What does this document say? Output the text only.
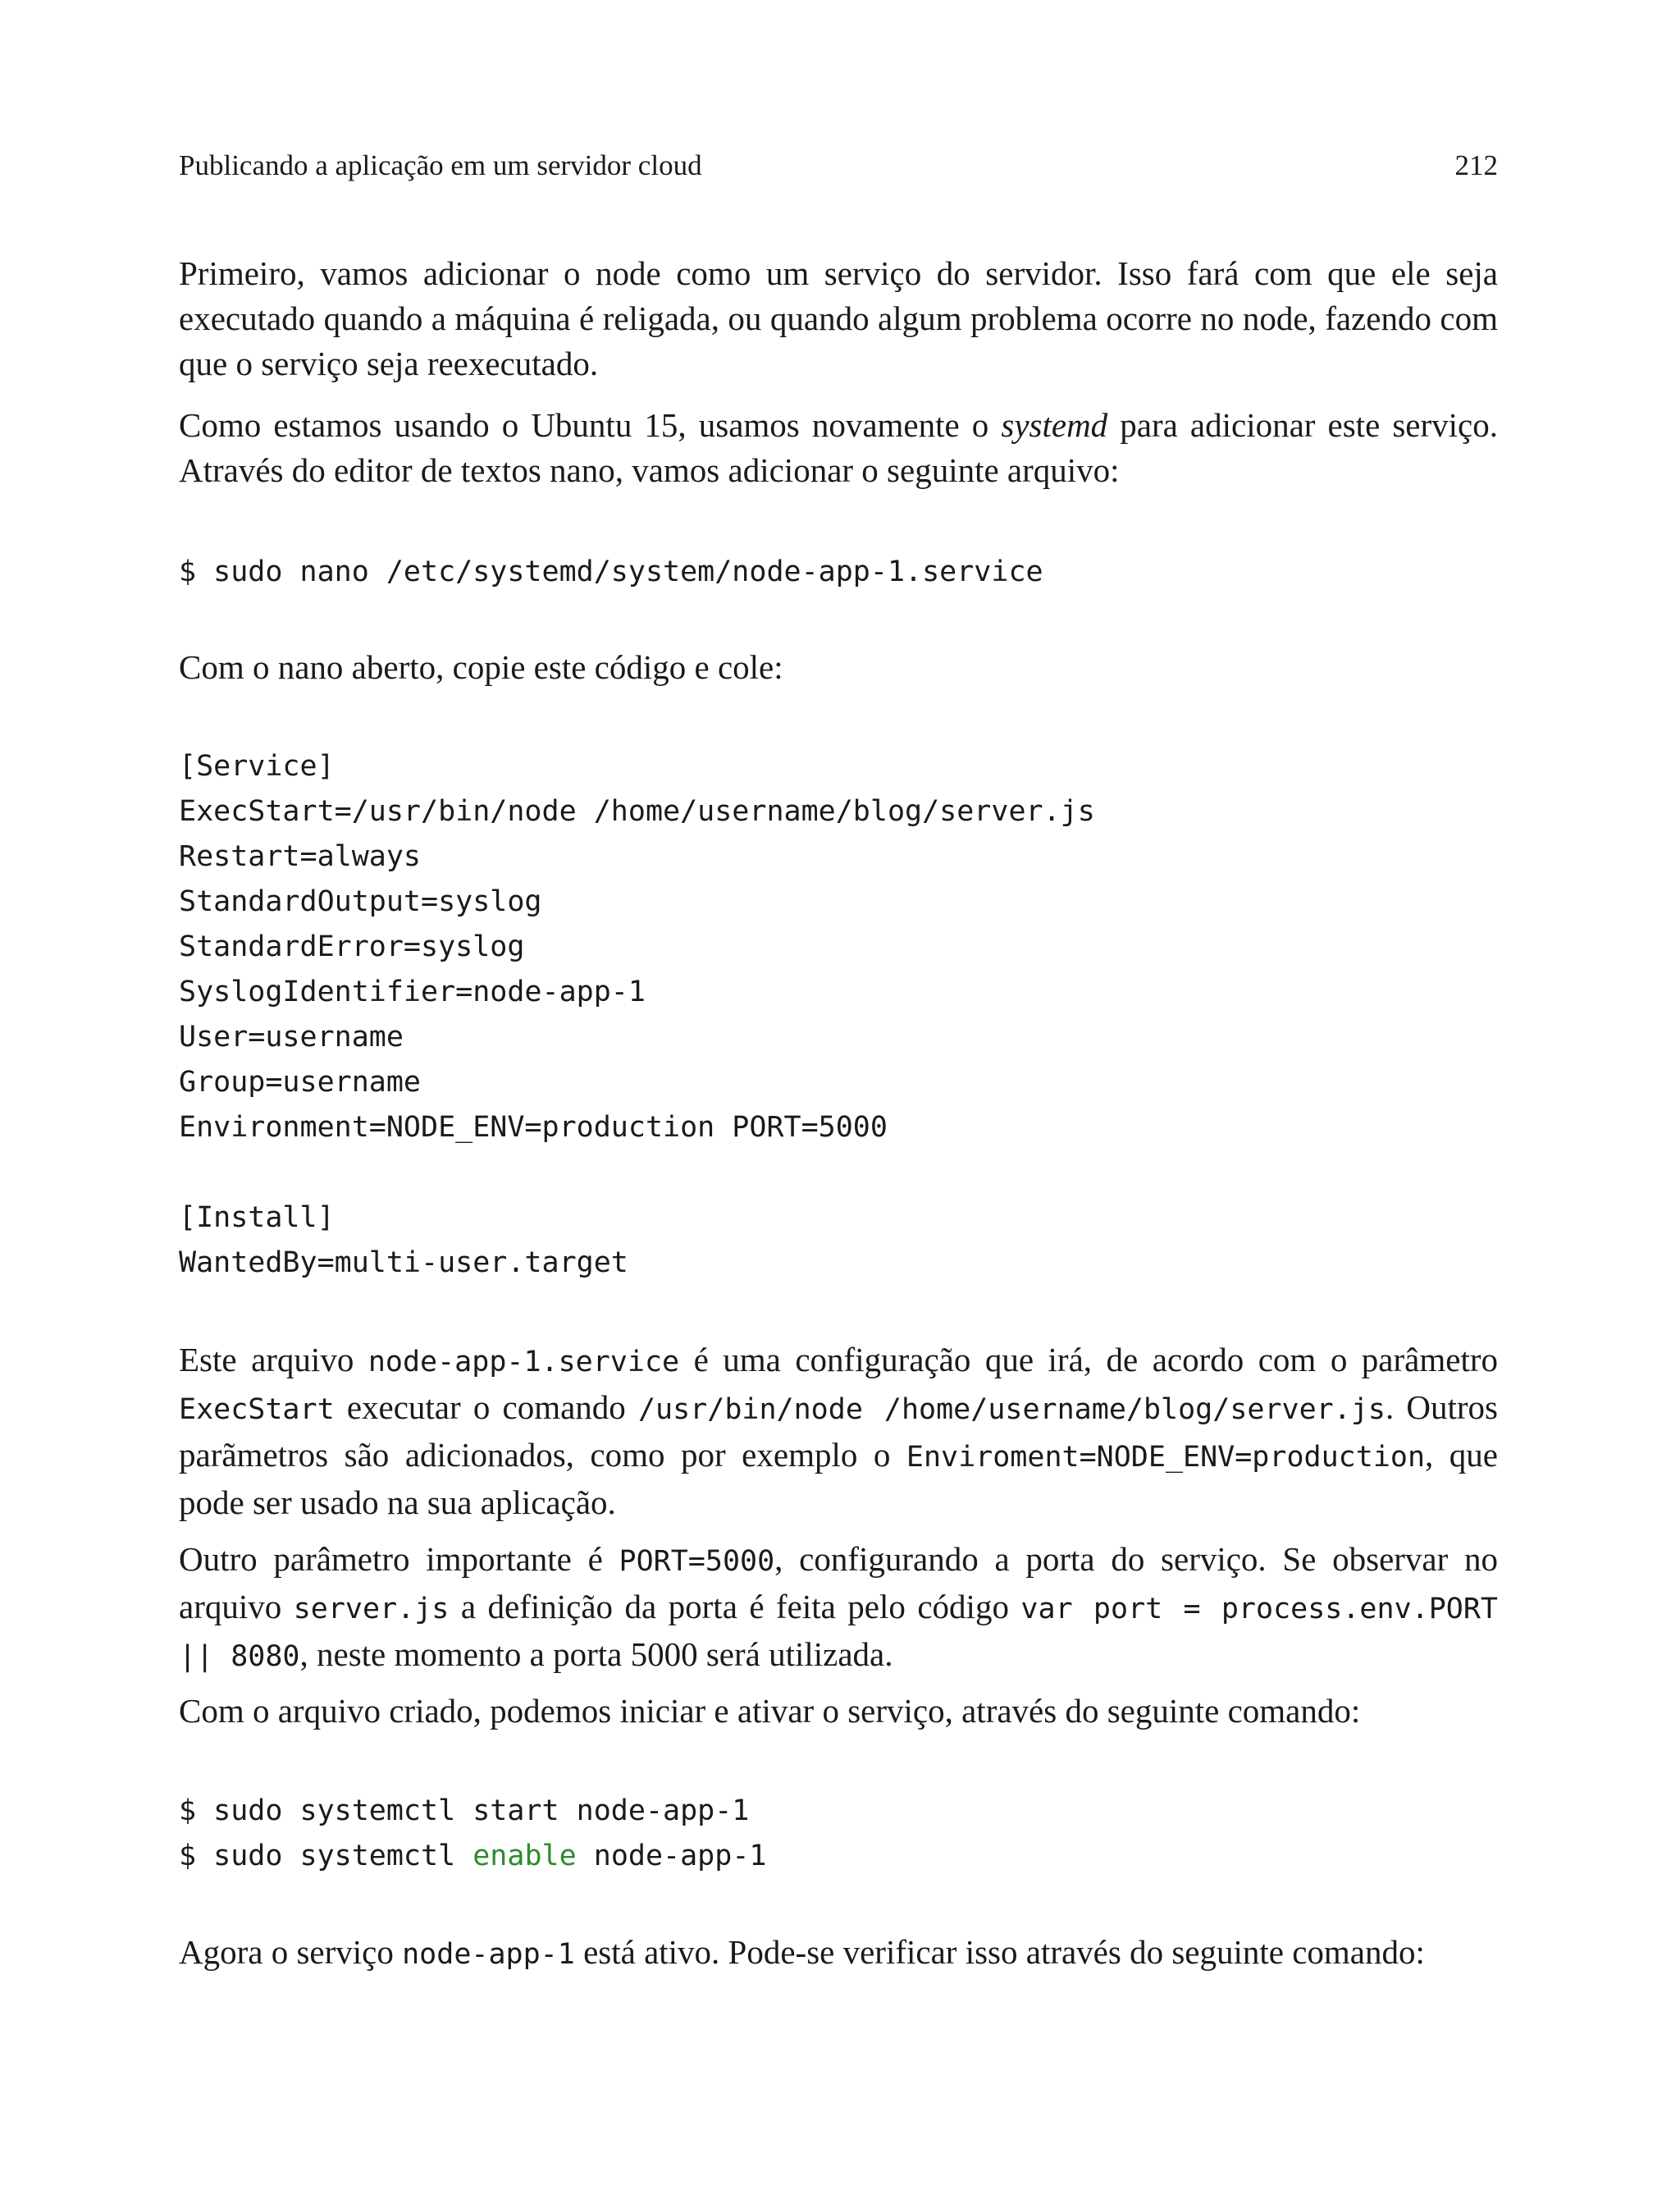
Publicando a aplicação em um servidor cloud	212

Primeiro, vamos adicionar o node como um serviço do servidor. Isso fará com que ele seja executado quando a máquina é religada, ou quando algum problema ocorre no node, fazendo com que o serviço seja reexecutado.

Como estamos usando o Ubuntu 15, usamos novamente o systemd para adicionar este serviço. Através do editor de textos nano, vamos adicionar o seguinte arquivo:

$ sudo nano /etc/systemd/system/node-app-1.service

Com o nano aberto, copie este código e cole:

[Service]
ExecStart=/usr/bin/node /home/username/blog/server.js
Restart=always
StandardOutput=syslog
StandardError=syslog
SyslogIdentifier=node-app-1
User=username
Group=username
Environment=NODE_ENV=production PORT=5000
[Install]
WantedBy=multi-user.target

Este arquivo node-app-1.service é uma configuração que irá, de acordo com o parâmetro ExecStart executar o comando /usr/bin/node /home/username/blog/server.js. Outros parãmetros são adicionados, como por exemplo o Enviroment=NODE_ENV=production, que pode ser usado na sua aplicação.

Outro parâmetro importante é PORT=5000, configurando a porta do serviço. Se observar no arquivo server.js a definição da porta é feita pelo código var port = process.env.PORT || 8080, neste momento a porta 5000 será utilizada.

Com o arquivo criado, podemos iniciar e ativar o serviço, através do seguinte comando:

$ sudo systemctl start node-app-1
$ sudo systemctl enable node-app-1

Agora o serviço node-app-1 está ativo. Pode-se verificar isso através do seguinte comando:
